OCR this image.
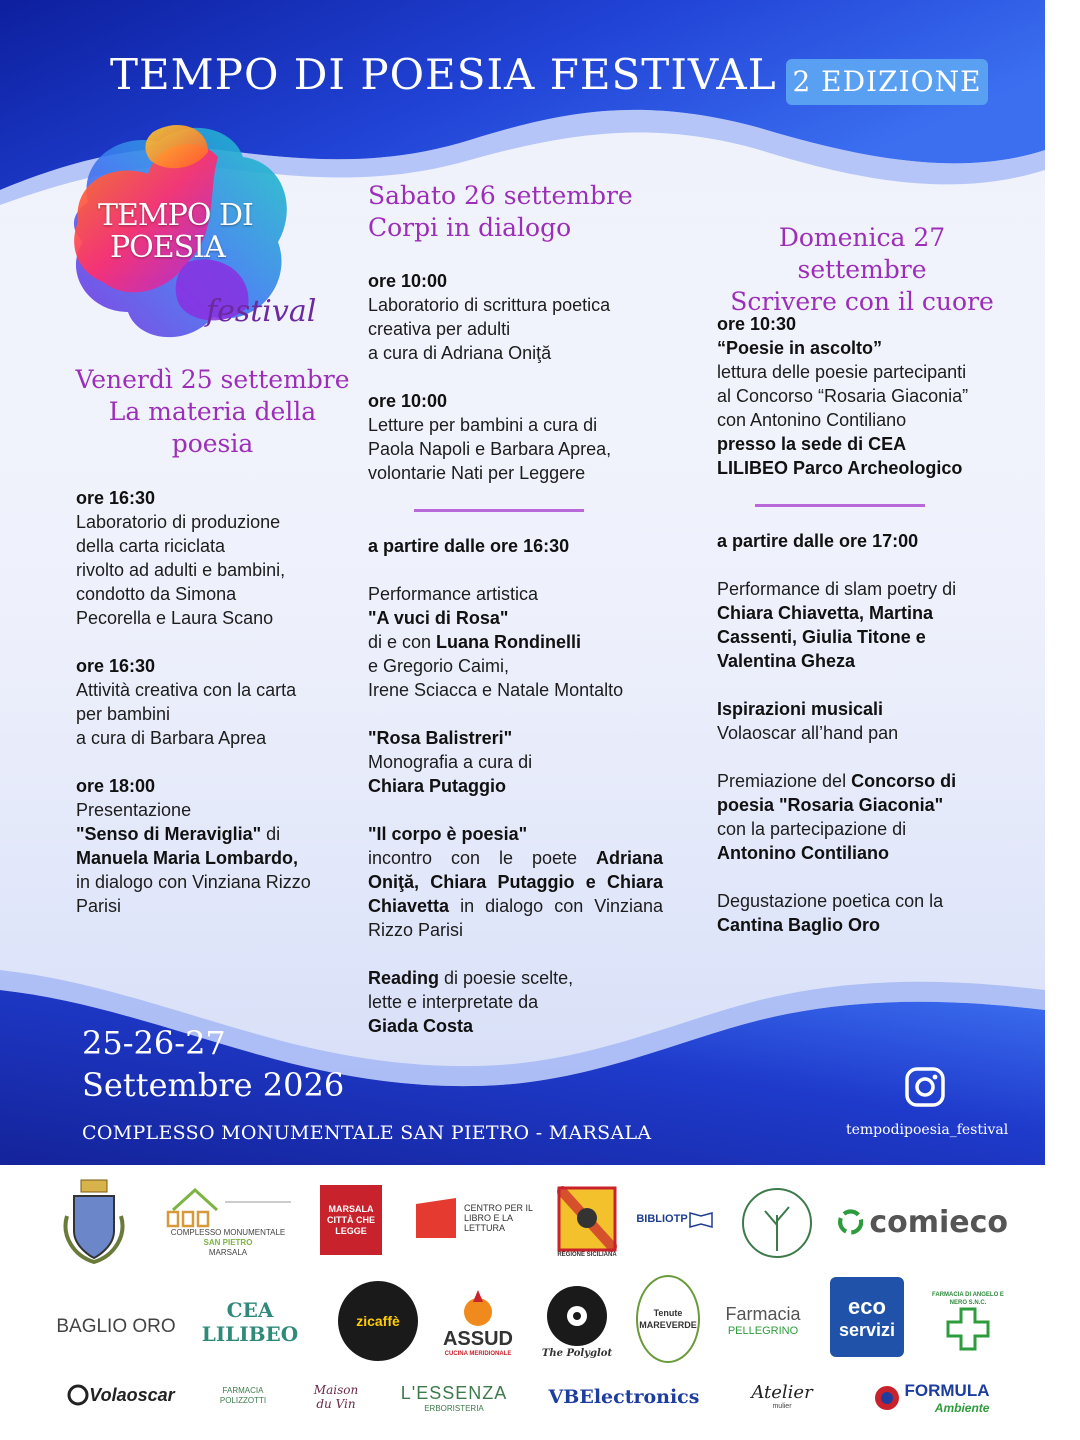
TEMPO DI POESIA FESTIVAL 2 EDIZIONE
TEMPO DI
POESIA
festival
Venerdì 25 settembre
La materia della
poesia

ore 16:30
Laboratorio di produzione
della carta riciclata
rivolto ad adulti e bambini,
condotto da Simona
Pecorella e Laura Scano

ore 16:30
Attività creativa con la carta
per bambini
a cura di Barbara Aprea

ore 18:00
Presentazione
"Senso di Meraviglia" di
Manuela Maria Lombardo,
in dialogo con Vinziana Rizzo
Parisi

Sabato 26 settembre
Corpi in dialogo

ore 10:00
Laboratorio di scrittura poetica
creativa per adulti
a cura di Adriana Oniţă

ore 10:00
Letture per bambini a cura di
Paola Napoli e Barbara Aprea,
volontarie Nati per Leggere

a partire dalle ore 16:30

Performance artistica
"A vuci di Rosa"
di e con Luana Rondinelli
e Gregorio Caimi,
Irene Sciacca e Natale Montalto

"Rosa Balistreri"
Monografia a cura di
Chiara Putaggio

"Il corpo è poesia"
incontro con le poete Adriana Oniţă, Chiara Putaggio e Chiara Chiavetta in dialogo con Vinziana Rizzo Parisi

Reading di poesie scelte,
lette e interpretate da
Giada Costa

Domenica 27 settembre
Scrivere con il cuore

ore 10:30
“Poesie in ascolto”
lettura delle poesie partecipanti
al Concorso “Rosaria Giaconia”
con Antonino Contiliano
presso la sede di CEA
LILIBEO Parco Archeologico

a partire dalle ore 17:00

Performance di slam poetry di
Chiara Chiavetta, Martina
Cassenti, Giulia Titone e
Valentina Gheza

Ispirazioni musicali
Volaoscar all’hand pan

Premiazione del Concorso di
poesia "Rosaria Giaconia"
con la partecipazione di
Antonino Contiliano

Degustazione poetica con la
Cantina Baglio Oro

25-26-27
Settembre 2026
COMPLESSO MONUMENTALE SAN PIETRO - MARSALA	tempodipoesia_festival
COMPLESSO MONUMENTALE
SAN PIETRO
MARSALA
MARSALA CITTÀ CHE LEGGE
CENTRO PER IL LIBRO E LA LETTURA
REGIONE SICILIANA
BIBLIOTP	comieco
BAGLIO ORO
CEA LILIBEO
zicaffè
ASSUD
CUCINA MERIDIONALE	The Polyglot
Tenute MAREVERDE
Farmacia
PELLEGRINO
eco
servizi
FARMACIA DI ANGELO E NERO S.N.C.
Volaoscar	FARMACIA POLIZZOTTI
Maison du Vin
L'ESSENZA
ERBORISTERIA
VBElectronics	Atelier
mulier
FORMULA
Ambiente
